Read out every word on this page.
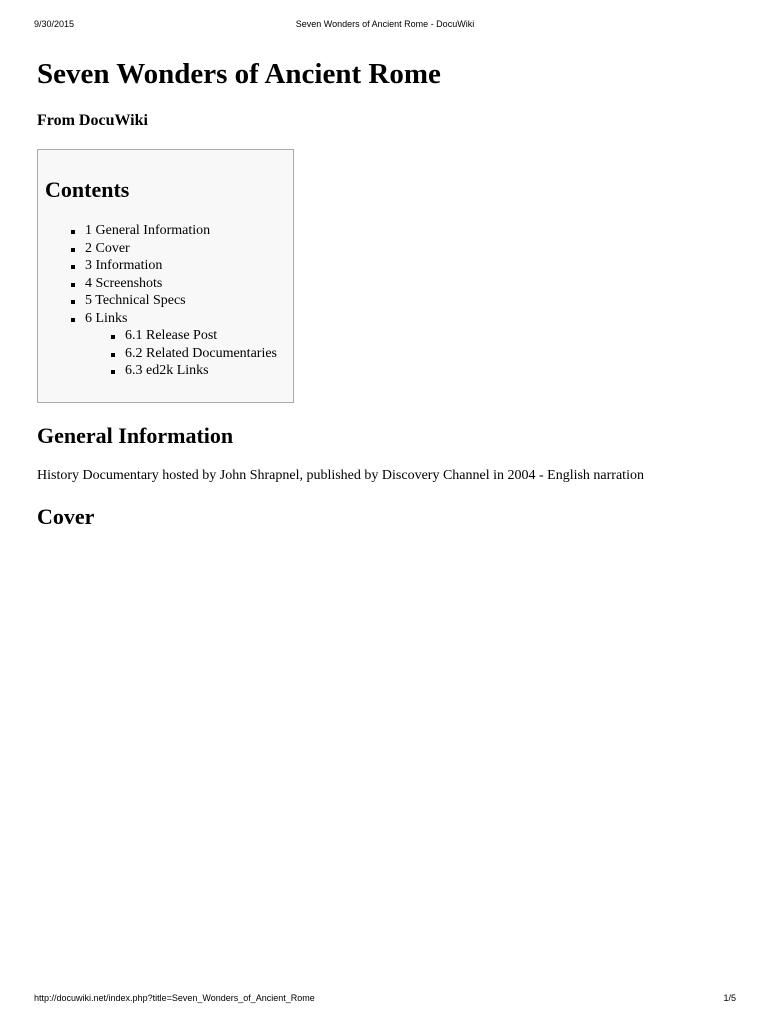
9/30/2015	Seven Wonders of Ancient Rome - DocuWiki
Seven Wonders of Ancient Rome
From DocuWiki
Contents
1 General Information
2 Cover
3 Information
4 Screenshots
5 Technical Specs
6 Links
6.1 Release Post
6.2 Related Documentaries
6.3 ed2k Links
General Information

History Documentary hosted by John Shrapnel, published by Discovery Channel in 2004 - English narration

Cover
http://docuwiki.net/index.php?title=Seven_Wonders_of_Ancient_Rome	1/5
